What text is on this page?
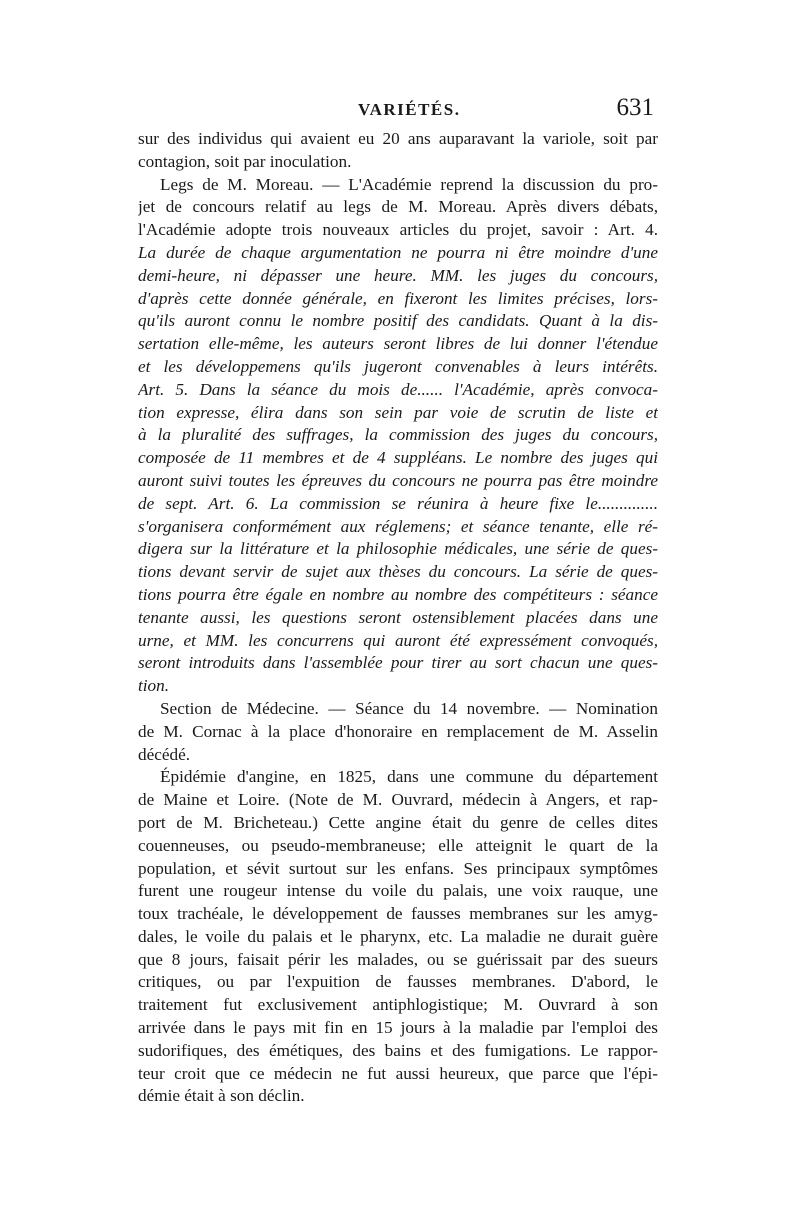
VARIÉTÉS.	631

sur des individus qui avaient eu 20 ans auparavant la variole, soit par
contagion, soit par inoculation.

Legs de M. Moreau. — L'Académie reprend la discussion du pro-
jet de concours relatif au legs de M. Moreau. Après divers débats,
l'Académie adopte trois nouveaux articles du projet, savoir : Art. 4.
La durée de chaque argumentation ne pourra ni être moindre d'une
demi-heure, ni dépasser une heure. MM. les juges du concours,
d'après cette donnée générale, en fixeront les limites précises, lors-
qu'ils auront connu le nombre positif des candidats. Quant à la dis-
sertation elle-même, les auteurs seront libres de lui donner l'étendue
et les développemens qu'ils jugeront convenables à leurs intérêts.
Art. 5. Dans la séance du mois de...... l'Académie, après convoca-
tion expresse, élira dans son sein par voie de scrutin de liste et
à la pluralité des suffrages, la commission des juges du concours,
composée de 11 membres et de 4 suppléans. Le nombre des juges qui
auront suivi toutes les épreuves du concours ne pourra pas être moindre
de sept. Art. 6. La commission se réunira à heure fixe le..............
s'organisera conformément aux réglemens; et séance tenante, elle ré-
digera sur la littérature et la philosophie médicales, une série de ques-
tions devant servir de sujet aux thèses du concours. La série de ques-
tions pourra être égale en nombre au nombre des compétiteurs : séance
tenante aussi, les questions seront ostensiblement placées dans une
urne, et MM. les concurrens qui auront été expressément convoqués,
seront introduits dans l'assemblée pour tirer au sort chacun une ques-
tion.

Section de Médecine. — Séance du 14 novembre. — Nomination
de M. Cornac à la place d'honoraire en remplacement de M. Asselin
décédé.

Épidémie d'angine, en 1825, dans une commune du département
de Maine et Loire. (Note de M. Ouvrard, médecin à Angers, et rap-
port de M. Bricheteau.) Cette angine était du genre de celles dites
couenneuses, ou pseudo-membraneuse; elle atteignit le quart de la
population, et sévit surtout sur les enfans. Ses principaux symptômes
furent une rougeur intense du voile du palais, une voix rauque, une
toux trachéale, le développement de fausses membranes sur les amyg-
dales, le voile du palais et le pharynx, etc. La maladie ne durait guère
que 8 jours, faisait périr les malades, ou se guérissait par des sueurs
critiques, ou par l'expuition de fausses membranes. D'abord, le
traitement fut exclusivement antiphlogistique; M. Ouvrard à son
arrivée dans le pays mit fin en 15 jours à la maladie par l'emploi des
sudorifiques, des émétiques, des bains et des fumigations. Le rappor-
teur croit que ce médecin ne fut aussi heureux, que parce que l'épi-
démie était à son déclin.
